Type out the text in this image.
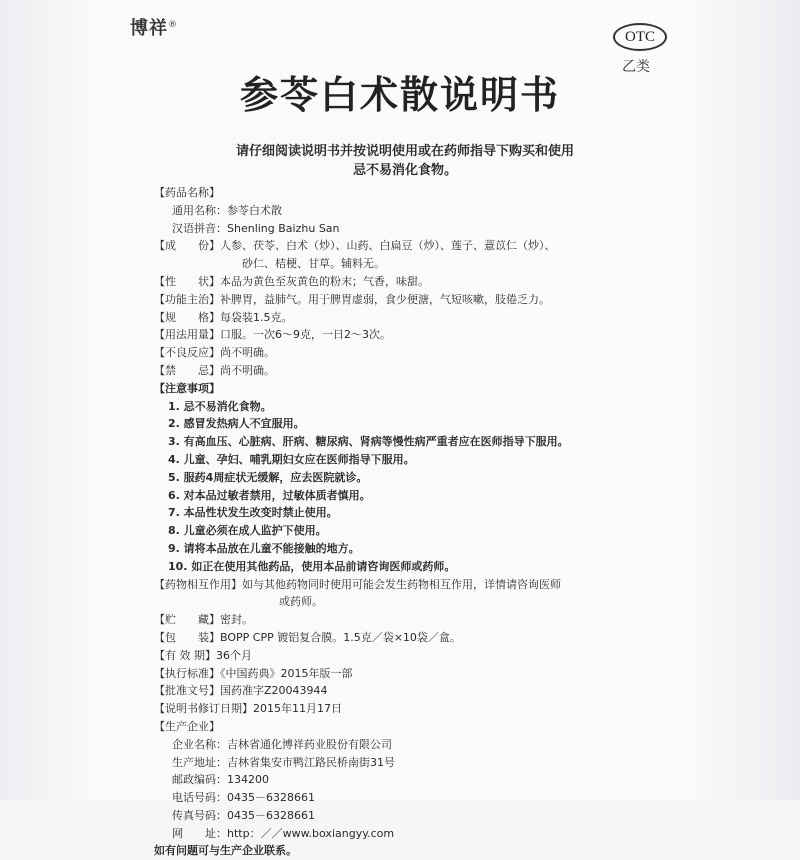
博祥®
OTC
乙类
参苓白术散说明书
请仔细阅读说明书并按说明使用或在药师指导下购买和使用
忌不易消化食物。
【药品名称】
通用名称：参苓白术散
汉语拼音：Shenling Baizhu San
【成　　份】人参、茯苓、白术（炒）、山药、白扁豆（炒）、莲子、薏苡仁（炒）、
砂仁、桔梗、甘草。辅料无。
【性　　状】本品为黄色至灰黄色的粉末；气香，味甜。
【功能主治】补脾胃，益肺气。用于脾胃虚弱，食少便溏，气短咳嗽，肢倦乏力。
【规　　格】每袋装1.5克。
【用法用量】口服。一次6～9克，一日2～3次。
【不良反应】尚不明确。
【禁　　忌】尚不明确。
【注意事项】
1. 忌不易消化食物。
2. 感冒发热病人不宜服用。
3. 有高血压、心脏病、肝病、糖尿病、肾病等慢性病严重者应在医师指导下服用。
4. 儿童、孕妇、哺乳期妇女应在医师指导下服用。
5. 服药4周症状无缓解，应去医院就诊。
6. 对本品过敏者禁用，过敏体质者慎用。
7. 本品性状发生改变时禁止使用。
8. 儿童必须在成人监护下使用。
9. 请将本品放在儿童不能接触的地方。
10. 如正在使用其他药品，使用本品前请咨询医师或药师。
【药物相互作用】如与其他药物同时使用可能会发生药物相互作用，详情请咨询医师
或药师。
【贮　　藏】密封。
【包　　装】BOPP CPP 镀铝复合膜。1.5克／袋×10袋／盒。
【有 效 期】36个月
【执行标准】《中国药典》2015年版一部
【批准文号】国药准字Z20043944
【说明书修订日期】2015年11月17日
【生产企业】
企业名称：吉林省通化博祥药业股份有限公司
生产地址：吉林省集安市鸭江路民桥南街31号
邮政编码：134200
电话号码：0435－6328661
传真号码：0435－6328661
网　　址：http：／／www.boxiangyy.com
如有问题可与生产企业联系。
